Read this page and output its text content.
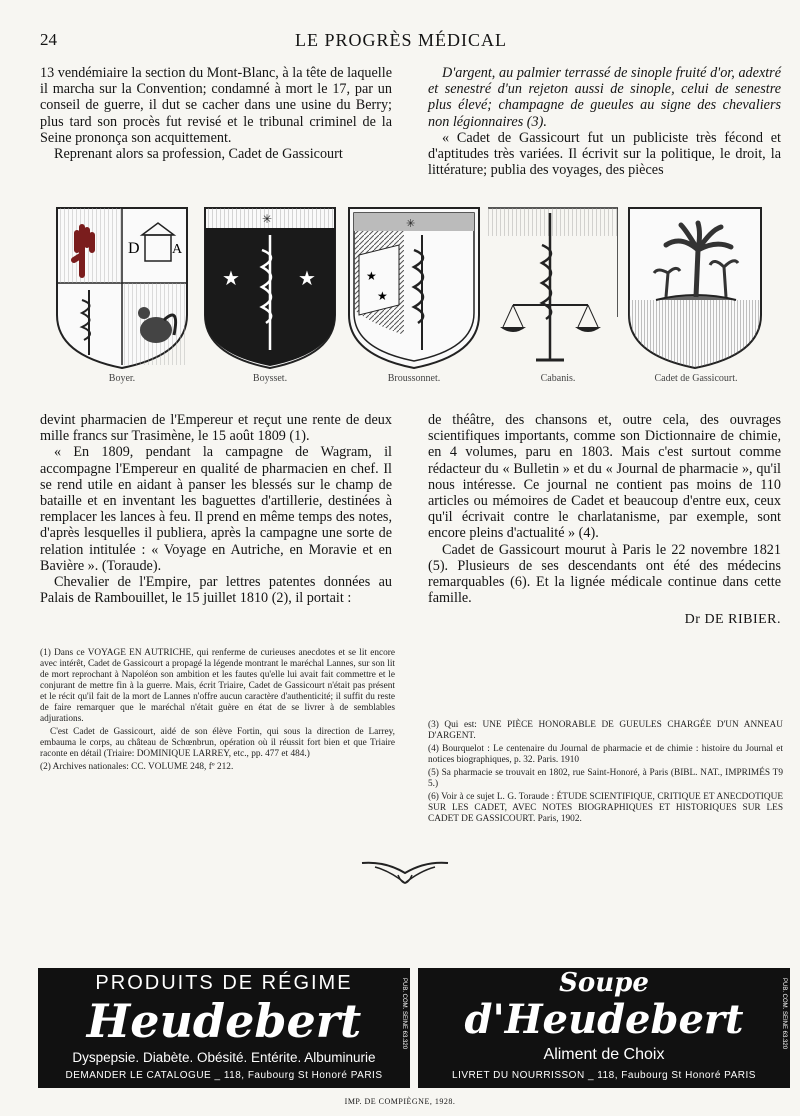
24	LE PROGRÈS MÉDICAL

13 vendémiaire la section du Mont-Blanc, à la tête de laquelle il marcha sur la Convention; condamné à mort le 17, par un conseil de guerre, il dut se cacher dans une usine du Berry; plus tard son procès fut revisé et le tribunal criminel de la Seine prononça son acquittement.

Reprenant alors sa profession, Cadet de Gassicourt

D'argent, au palmier terrassé de sinople fruité d'or, adextré et senestré d'un rejeton aussi de sinople, celui de senestre plus élevé; champagne de gueules au signe des chevaliers non légionnaires (3).

« Cadet de Gassicourt fut un publiciste très fécond et d'aptitudes très variées. Il écrivit sur la politique, le droit, la littérature; publia des voyages, des pièces

D A
Boyer.
✳
★	★
Boysset.
✳
★
★
Broussonnet.	Cabanis.	Cadet de Gassicourt.

devint pharmacien de l'Empereur et reçut une rente de deux mille francs sur Trasimène, le 15 août 1809 (1).

« En 1809, pendant la campagne de Wagram, il accompagne l'Empereur en qualité de pharmacien en chef. Il se rend utile en aidant à panser les blessés sur le champ de bataille et en inventant les baguettes d'artillerie, destinées à remplacer les lances à feu. Il prend en même temps des notes, d'après lesquelles il publiera, après la campagne une sorte de relation intitulée : « Voyage en Autriche, en Moravie et en Bavière ». (Toraude).

Chevalier de l'Empire, par lettres patentes données au Palais de Rambouillet, le 15 juillet 1810 (2), il portait :

de théâtre, des chansons et, outre cela, des ouvrages scientifiques importants, comme son Dictionnaire de chimie, en 4 volumes, paru en 1803. Mais c'est surtout comme rédacteur du « Bulletin » et du « Journal de pharmacie », qu'il nous intéresse. Ce journal ne contient pas moins de 110 articles ou mémoires de Cadet et beaucoup d'entre eux, ceux qu'il écrivait contre le charlatanisme, par exemple, sont encore pleins d'actualité » (4).

Cadet de Gassicourt mourut à Paris le 22 novembre 1821 (5). Plusieurs de ses descendants ont été des médecins remarquables (6). Et la lignée médicale continue dans cette famille.

Dr DE RIBIER.

(1) Dans ce VOYAGE EN AUTRICHE, qui renferme de curieuses anecdotes et se lit encore avec intérêt, Cadet de Gassicourt a propagé la légende montrant le maréchal Lannes, sur son lit de mort reprochant à Napoléon son ambition et les fautes qu'elle lui avait fait commettre et le conjurant de mettre fin à la guerre. Mais, écrit Triaire, Cadet de Gassicourt n'était pas présent et le récit qu'il fait de la mort de Lannes n'offre aucun caractère d'authenticité; il suffit du reste de faire remarquer que le maréchal n'était guère en état de se livrer à de semblables adjurations.

C'est Cadet de Gassicourt, aidé de son élève Fortin, qui sous la direction de Larrey, embauma le corps, au château de Schœnbrun, opération où il réussit fort bien et que Triaire raconte en détail (Triaire: DOMINIQUE LARREY, etc., pp. 477 et 484.)

(2) Archives nationales: CC. VOLUME 248, fº 212.

(3) Qui est: UNE PIÈCE HONORABLE DE GUEULES CHARGÉE D'UN ANNEAU D'ARGENT.

(4) Bourquelot : Le centenaire du Journal de pharmacie et de chimie : histoire du Journal et notices biographiques, p. 32. Paris. 1910

(5) Sa pharmacie se trouvait en 1802, rue Saint-Honoré, à Paris (BIBL. NAT., IMPRIMÉS T9 5.)

(6) Voir à ce sujet L. G. Toraude : ÉTUDE SCIENTIFIQUE, CRITIQUE ET ANECDOTIQUE SUR LES CADET, AVEC NOTES BIOGRAPHIQUES ET HISTORIQUES SUR LES CADET DE GASSICOURT. Paris, 1902.

PRODUITS DE RÉGIME
Heudebert
Dyspepsie. Diabète. Obésité. Entérite. Albuminurie
DEMANDER LE CATALOGUE _ 118, Faubourg St Honoré PARIS
PUB. COM. SEINE 63.320	Soupe
d'Heudebert
Aliment de Choix
LIVRET DU NOURRISSON _ 118, Faubourg St Honoré PARIS
PUB. COM. SEINE 63.320
IMP. DE COMPIÈGNE, 1928.
